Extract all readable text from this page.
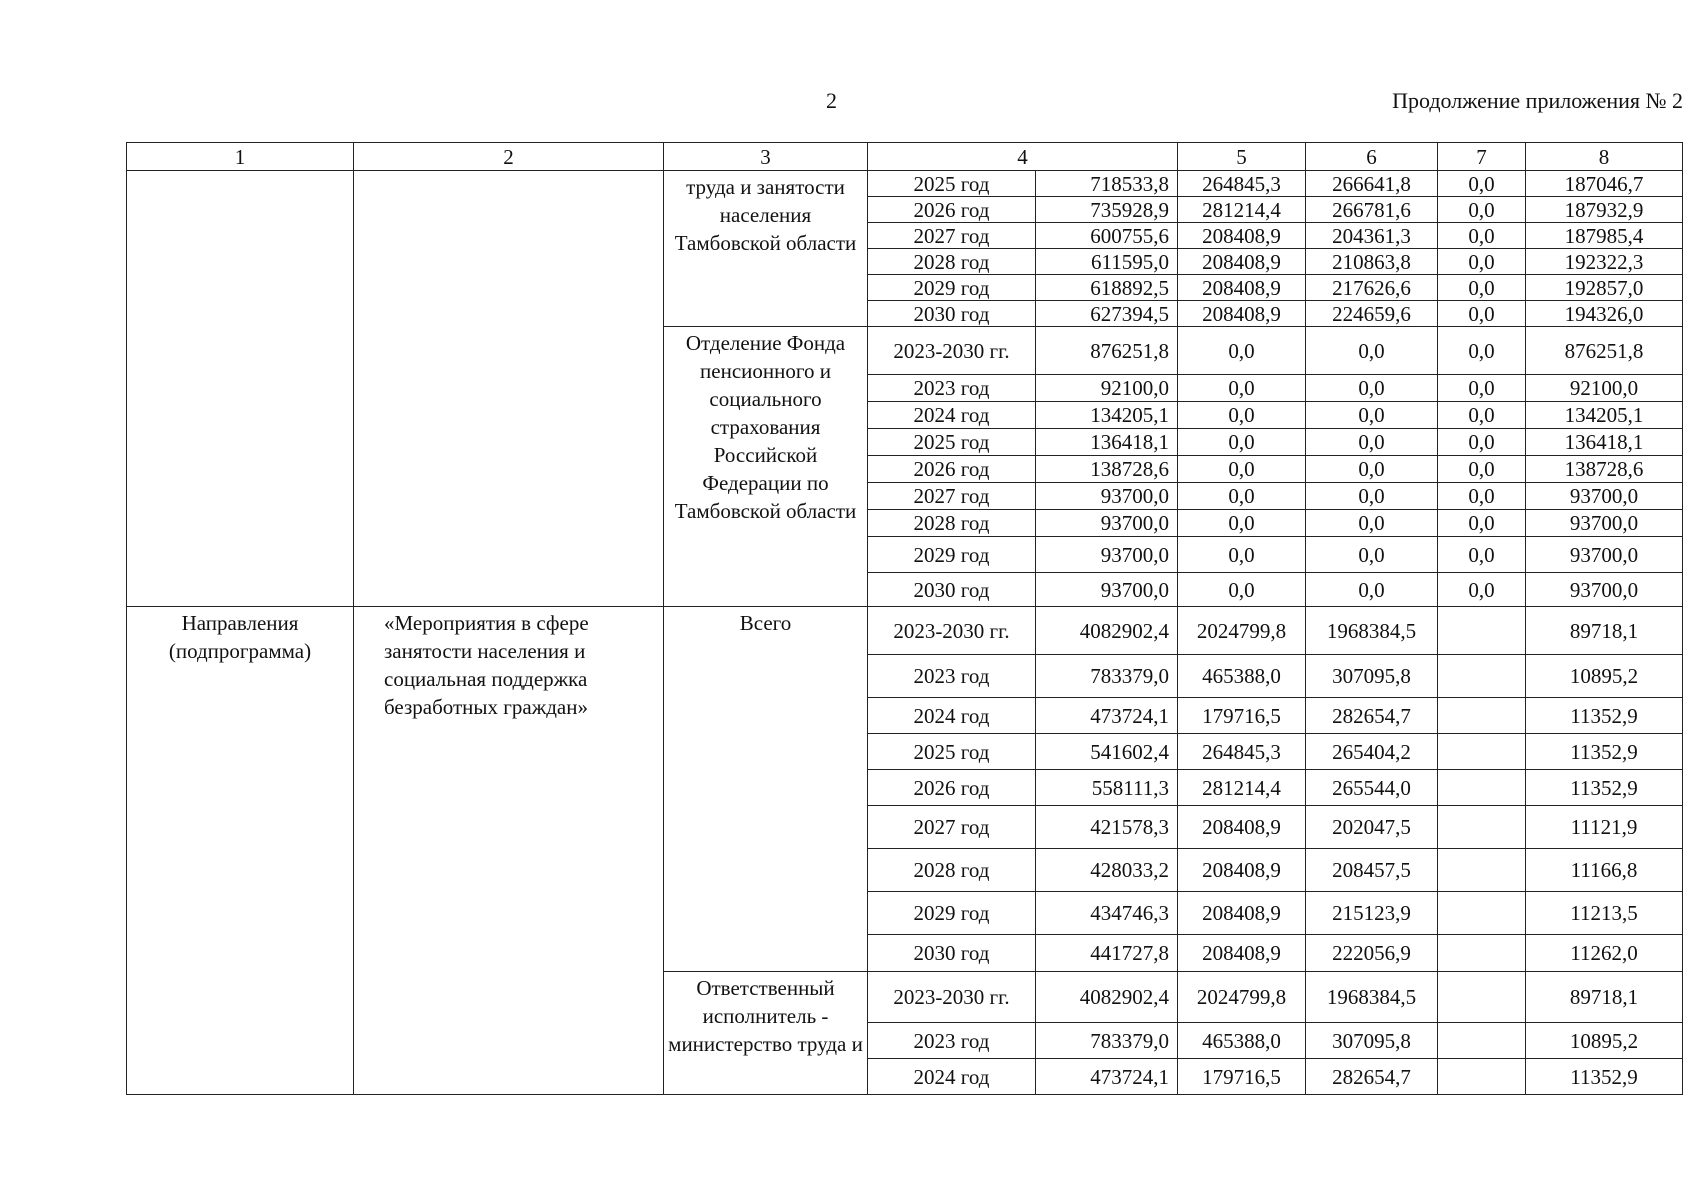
2	Продолжение приложения № 2
1	2	3	4		5	6	7	8
		труда и занятости населения Тамбовской области	2025 год	718533,8	264845,3	266641,8	0,0	187046,7
			2026 год	735928,9	281214,4	266781,6	0,0	187932,9
			2027 год	600755,6	208408,9	204361,3	0,0	187985,4
			2028 год	611595,0	208408,9	210863,8	0,0	192322,3
			2029 год	618892,5	208408,9	217626,6	0,0	192857,0
			2030 год	627394,5	208408,9	224659,6	0,0	194326,0
		Отделение Фонда пенсионного и социального страхования Российской Федерации по Тамбовской области	2023-2030 гг.	876251,8	0,0	0,0	0,0	876251,8
			2023 год	92100,0	0,0	0,0	0,0	92100,0
			2024 год	134205,1	0,0	0,0	0,0	134205,1
			2025 год	136418,1	0,0	0,0	0,0	136418,1
			2026 год	138728,6	0,0	0,0	0,0	138728,6
			2027 год	93700,0	0,0	0,0	0,0	93700,0
			2028 год	93700,0	0,0	0,0	0,0	93700,0
			2029 год	93700,0	0,0	0,0	0,0	93700,0
			2030 год	93700,0	0,0	0,0	0,0	93700,0
Направления (подпрограмма)	«Мероприятия в сфере занятости населения и социальная поддержка безработных граждан»	Всего	2023-2030 гг.	4082902,4	2024799,8	1968384,5		89718,1
			2023 год	783379,0	465388,0	307095,8		10895,2
			2024 год	473724,1	179716,5	282654,7		11352,9
			2025 год	541602,4	264845,3	265404,2		11352,9
			2026 год	558111,3	281214,4	265544,0		11352,9
			2027 год	421578,3	208408,9	202047,5		11121,9
			2028 год	428033,2	208408,9	208457,5		11166,8
			2029 год	434746,3	208408,9	215123,9		11213,5
			2030 год	441727,8	208408,9	222056,9		11262,0
		Ответственный исполнитель - министерство труда и	2023-2030 гг.	4082902,4	2024799,8	1968384,5		89718,1
			2023 год	783379,0	465388,0	307095,8		10895,2
			2024 год	473724,1	179716,5	282654,7		11352,9
